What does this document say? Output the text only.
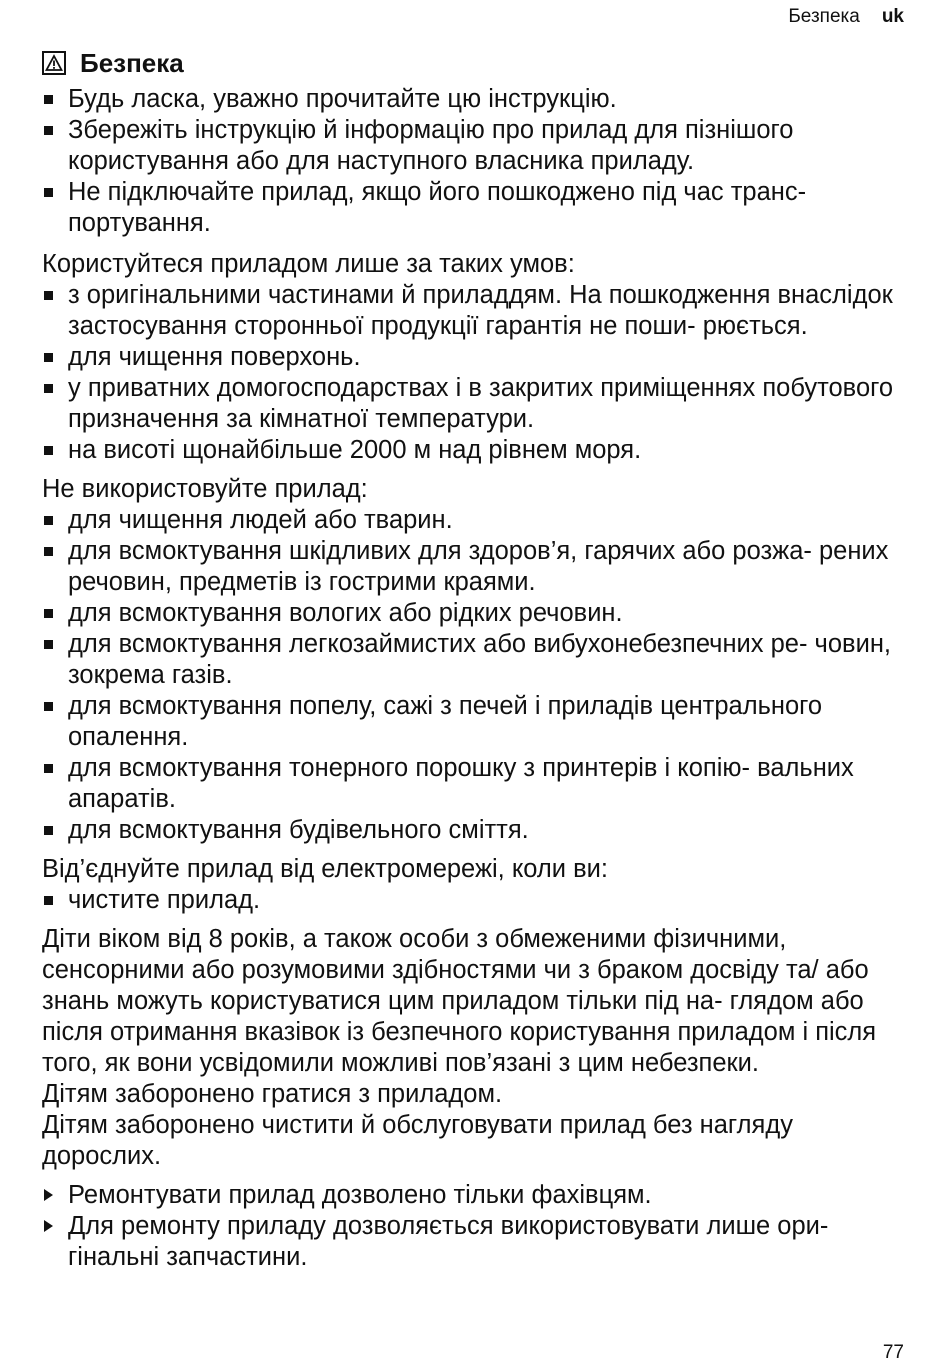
Безпека uk
Безпека
Будь ласка, уважно прочитайте цю інструкцію.
Збережіть інструкцію й інформацію про прилад для пізнішого користування або для наступного власника приладу.
Не підключайте прилад, якщо його пошкоджено під час транс- портування.

Користуйтеся приладом лише за таких умов:

з оригінальними частинами й приладдям. На пошкодження внаслідок застосування сторонньої продукції гарантія не поши- рюється.
для чищення поверхонь.
у приватних домогосподарствах і в закритих приміщеннях побутового призначення за кімнатної температури.
на висоті щонайбільше 2000 м над рівнем моря.

Не використовуйте прилад:

для чищення людей або тварин.
для всмоктування шкідливих для здоров’я, гарячих або розжа- рених речовин, предметів із гострими краями.
для всмоктування вологих або рідких речовин.
для всмоктування легкозаймистих або вибухонебезпечних ре- човин, зокрема газів.
для всмоктування попелу, сажі з печей і приладів центрального опалення.
для всмоктування тонерного порошку з принтерів і копію- вальних апаратів.
для всмоктування будівельного сміття.

Від’єднуйте прилад від електромережі, коли ви:

чистите прилад.

Діти віком від 8 років, а також особи з обмеженими фізичними, сенсорними або розумовими здібностями чи з браком досвіду та/ або знань можуть користуватися цим приладом тільки під на- глядом або після отримання вказівок із безпечного користування приладом і після того, як вони усвідомили можливі пов’язані з цим небезпеки.

Дітям заборонено гратися з приладом.

Дітям заборонено чистити й обслуговувати прилад без нагляду дорослих.

Ремонтувати прилад дозволено тільки фахівцям.
Для ремонту приладу дозволяється використовувати лише ори- гінальні запчастини.
77
